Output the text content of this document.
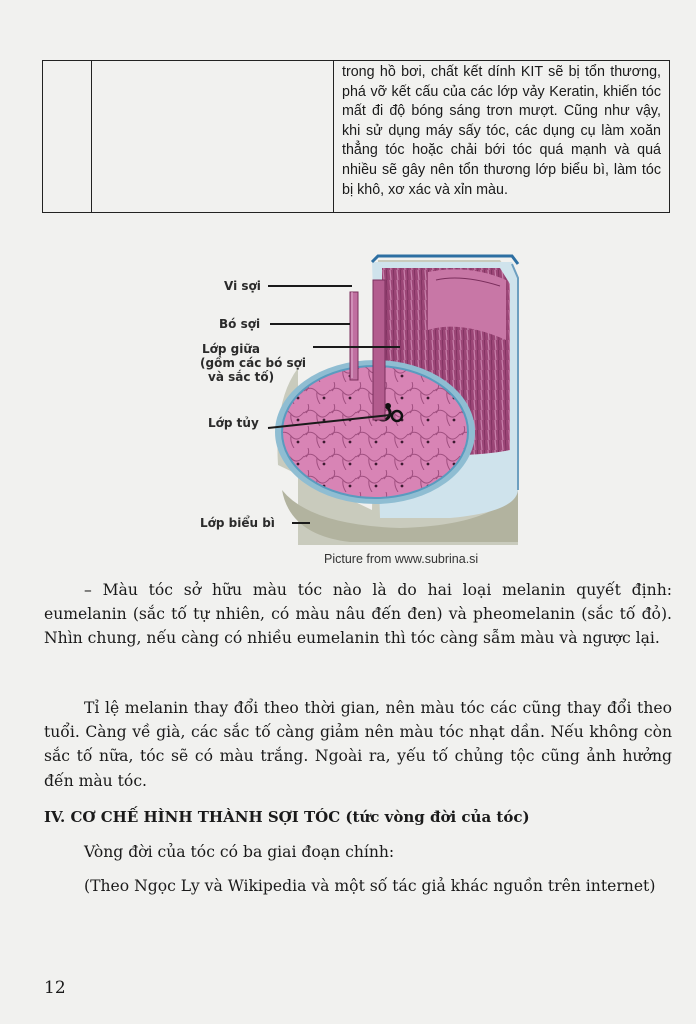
		trong hồ bơi, chất kết dính KIT sẽ bị tổn thương, phá vỡ kết cấu của các lớp vảy Keratin, khiến tóc mất đi độ bóng sáng trơn mượt. Cũng như vậy, khi sử dụng máy sấy tóc, các dụng cụ làm xoăn thẳng tóc hoặc chải bới tóc quá mạnh và quá nhiều sẽ gây nên tổn thương lớp biểu bì, làm tóc bị khô, xơ xác và xỉn màu.
Vi sợi
Bó sợi
Lớp giữa
(gồm các bó sợi
và sắc tố)
Lớp tủy
Lớp biểu bì
Picture from www.subrina.si

– Màu tóc sở hữu màu tóc nào là do hai loại melanin quyết định: eumelanin (sắc tố tự nhiên, có màu nâu đến đen) và pheomelanin (sắc tố đỏ). Nhìn chung, nếu càng có nhiều eumelanin thì tóc càng sẫm màu và ngược lại.

Tỉ lệ melanin thay đổi theo thời gian, nên màu tóc các cũng thay đổi theo tuổi. Càng về già, các sắc tố càng giảm nên màu tóc nhạt dần. Nếu không còn sắc tố nữa, tóc sẽ có màu trắng. Ngoài ra, yếu tố chủng tộc cũng ảnh hưởng đến màu tóc.

IV. CƠ CHẾ HÌNH THÀNH SỢI TÓC (tức vòng đời của tóc)

Vòng đời của tóc có ba giai đoạn chính:

(Theo Ngọc Ly và Wikipedia và một số tác giả khác nguồn trên internet)

12
